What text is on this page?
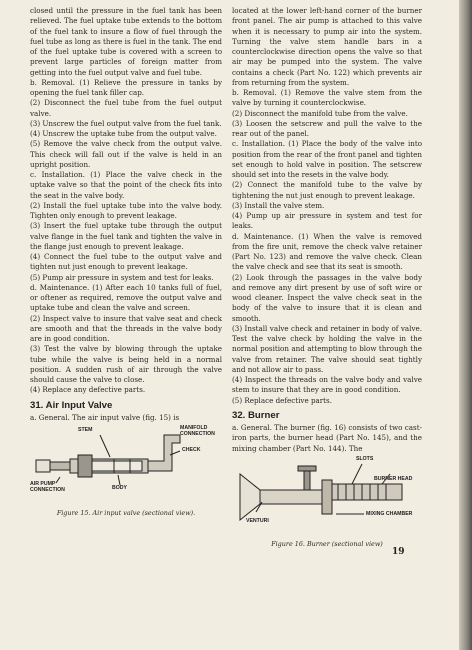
closed until the pressure in the fuel tank has been relieved. The fuel uptake tube extends to the bottom of the fuel tank to insure a flow of fuel through the fuel tube as long as there is fuel in the tank. The end of the fuel uptake tube is covered with a screen to prevent large particles of foreign matter from getting into the fuel output valve and fuel tube.

b. Removal. (1) Relieve the pressure in tanks by opening the fuel tank filler cap.

(2) Disconnect the fuel tube from the fuel output valve.

(3) Unscrew the fuel output valve from the fuel tank.

(4) Unscrew the uptake tube from the output valve.

(5) Remove the valve check from the output valve. This check will fall out if the valve is held in an upright position.

c. Installation. (1) Place the valve check in the uptake valve so that the point of the check fits into the seat in the valve body.

(2) Install the fuel uptake tube into the valve body. Tighten only enough to prevent leakage.

(3) Insert the fuel uptake tube through the output valve flange in the fuel tank and tighten the valve in the flange just enough to prevent leakage.

(4) Connect the fuel tube to the output valve and tighten nut just enough to prevent leakage.

(5) Pump air pressure in system and test for leaks.

d. Maintenance. (1) After each 10 tanks full of fuel, or oftener as required, remove the output valve and uptake tube and clean the valve and screen.

(2) Inspect valve to insure that valve seat and check are smooth and that the threads in the valve body are in good condition.

(3) Test the valve by blowing through the uptake tube while the valve is being held in a normal position. A sudden rush of air through the valve should cause the valve to close.

(4) Replace any defective parts.

31. Air Input Valve

a. General. The air input valve (fig. 15) is

STEM	MANIFOLD
CONNECTION
CHECK
AIR PUMP
CONNECTION	BODY
Figure 15. Air input valve (sectional view).

located at the lower left-hand corner of the burner front panel. The air pump is attached to this valve when it is necessary to pump air into the system. Turning the valve stem handle bars in a counterclockwise direction opens the valve so that air may be pumped into the system. The valve contains a check (Part No. 122) which prevents air from returning from the system.

b. Removal. (1) Remove the valve stem from the valve by turning it counterclockwise.

(2) Disconnect the manifold tube from the valve.

(3) Loosen the setscrew and pull the valve to the rear out of the panel.

c. Installation. (1) Place the body of the valve into position from the rear of the front panel and tighten set enough to hold valve in position. The setscrew should set into the resets in the valve body.

(2) Connect the manifold tube to the valve by tightening the nut just enough to prevent leakage.

(3) Install the valve stem.

(4) Pump up air pressure in system and test for leaks.

d. Maintenance. (1) When the valve is removed from the fire unit, remove the check valve retainer (Part No. 123) and remove the valve check. Clean the valve check and see that its seat is smooth.

(2) Look through the passages in the valve body and remove any dirt present by use of soft wire or wood cleaner. Inspect the valve check seat in the body of the valve to insure that it is clean and smooth.

(3) Install valve check and retainer in body of valve. Test the valve check by holding the valve in the normal position and attempting to blow through the valve from retainer. The valve should seat tightly and not allow air to pass.

(4) Inspect the threads on the valve body and valve stem to insure that they are in good condition.

(5) Replace defective parts.

32. Burner

a. General. The burner (fig. 16) consists of two cast-iron parts, the burner head (Part No. 145), and the mixing chamber (Part No. 144). The

SLOTS
BURNER HEAD
MIXING CHAMBER
VENTURI
Figure 16. Burner (sectional view)
19
